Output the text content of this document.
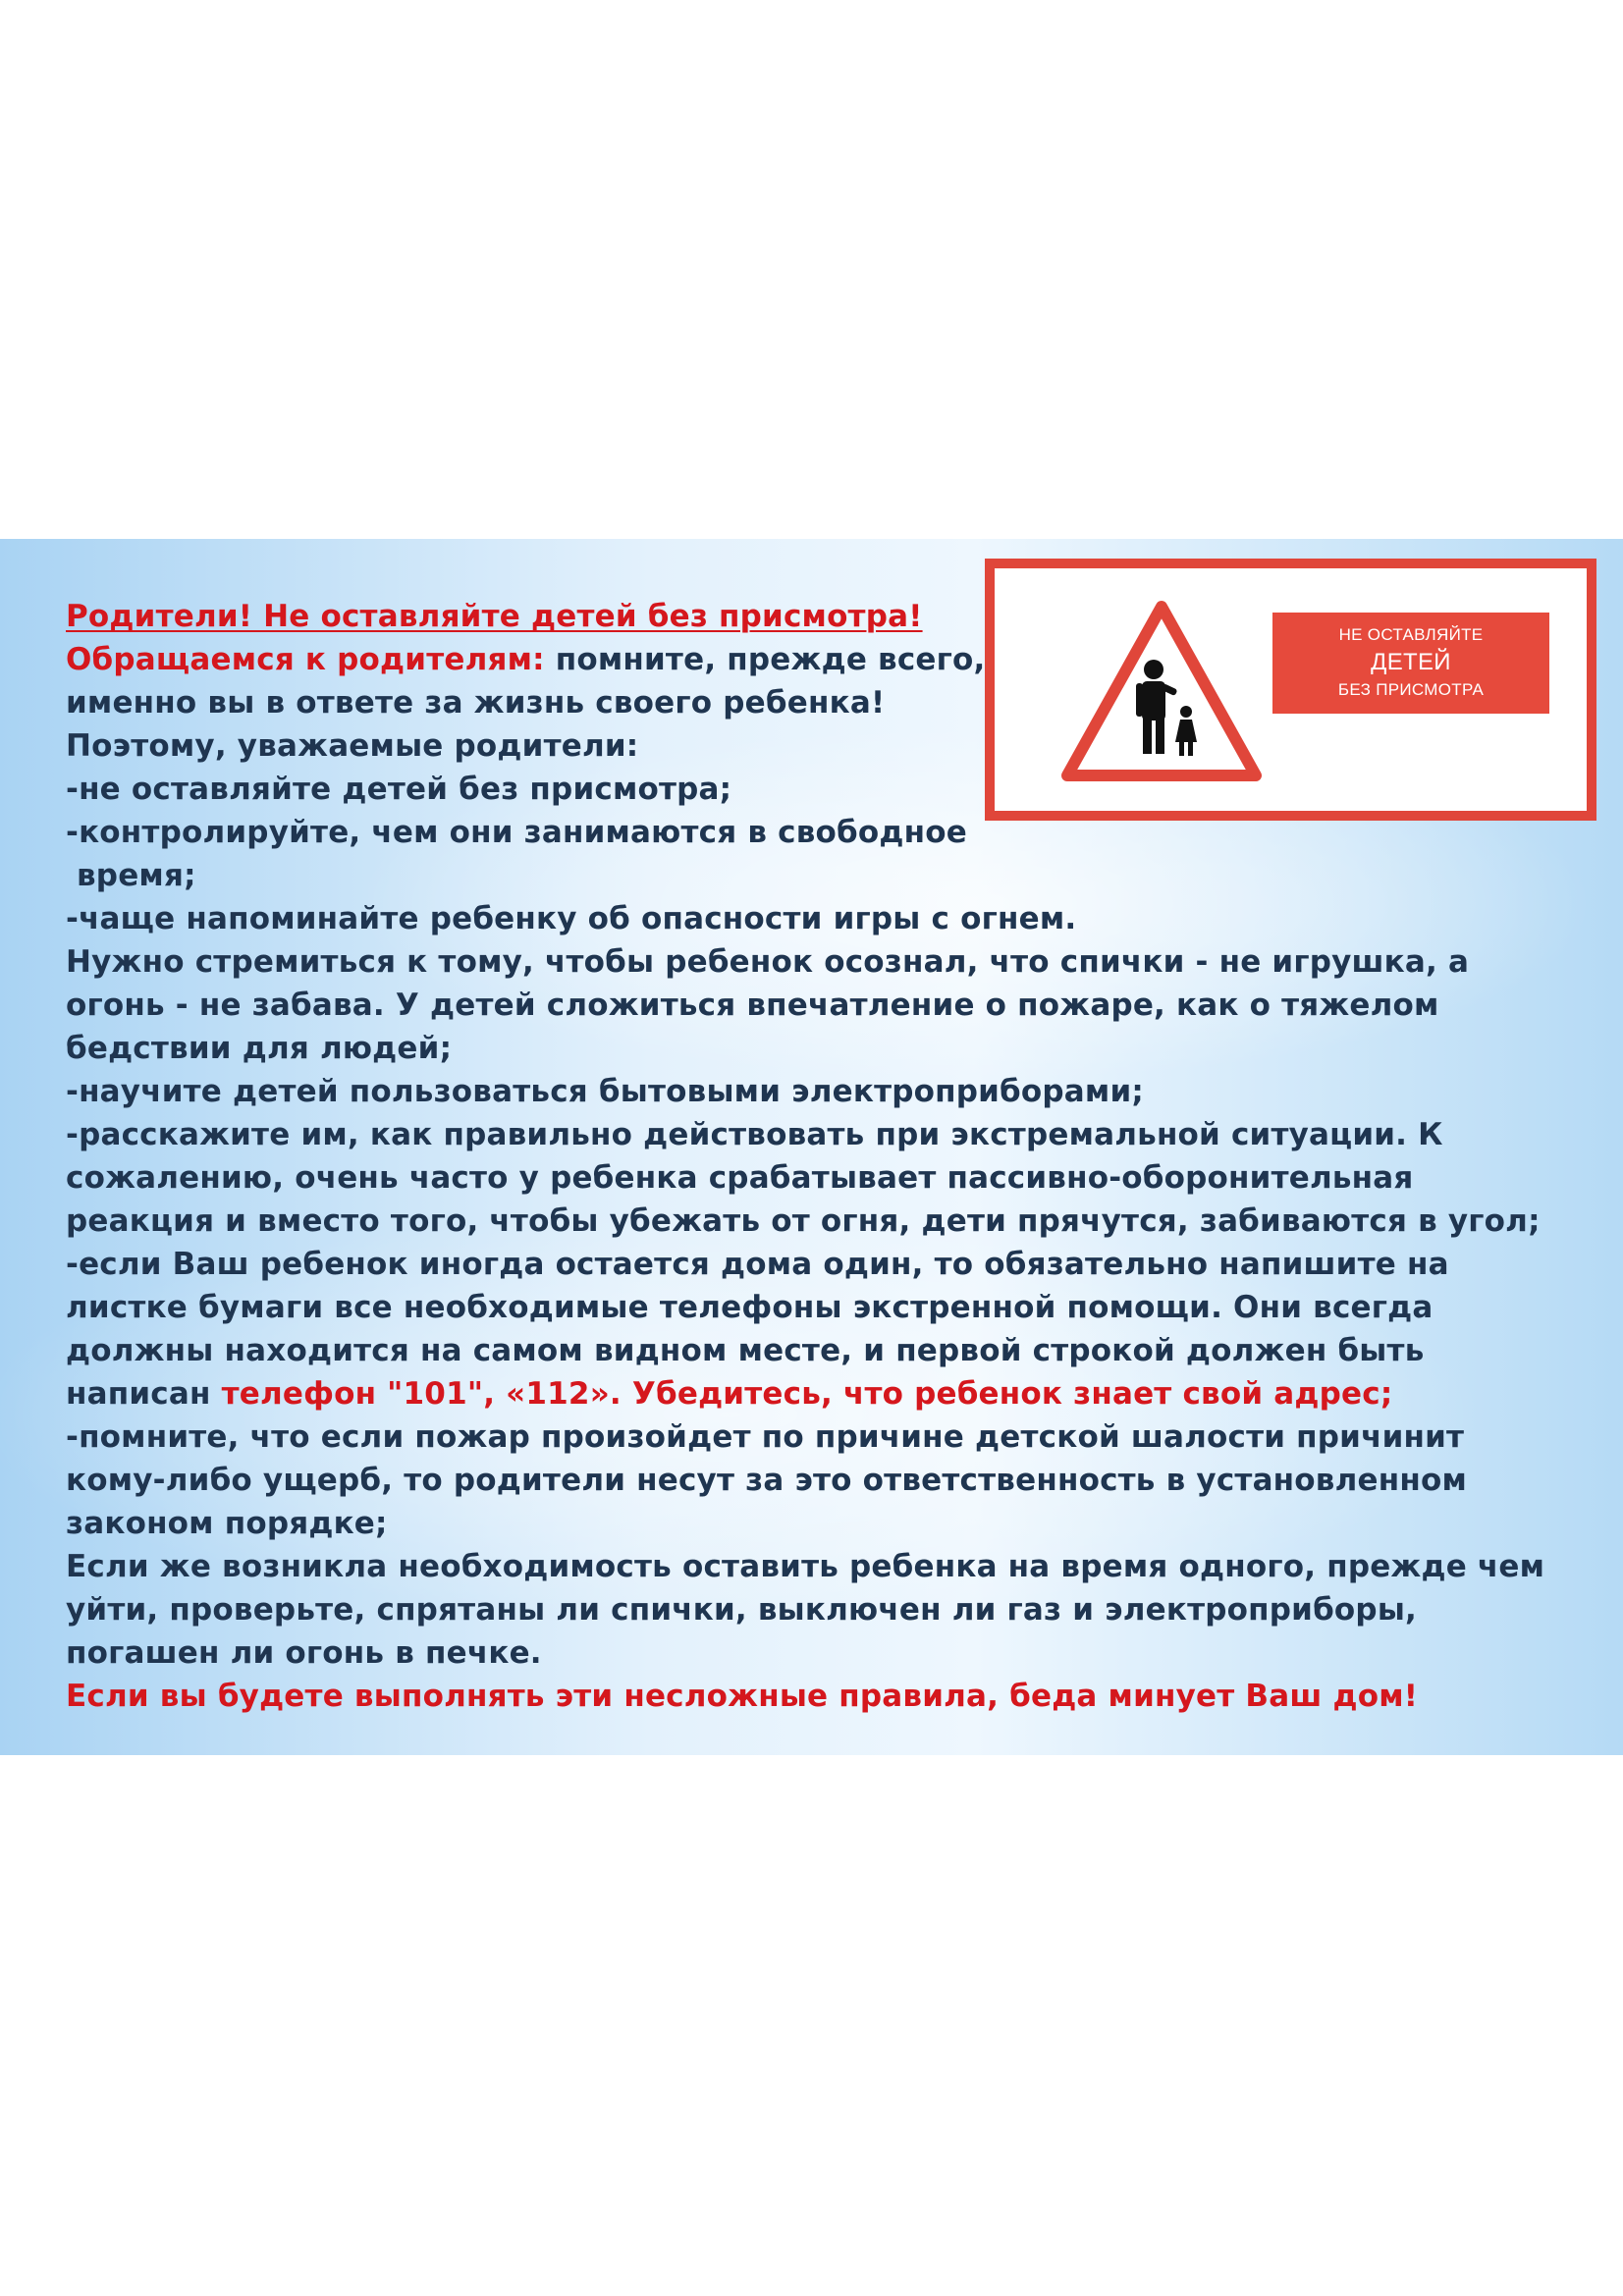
НЕ ОСТАВЛЯЙТЕ
ДЕТЕЙ
БЕЗ ПРИСМОТРА
Родители! Не оставляйте детей без присмотра!
Обращаемся к родителям: помните, прежде всего,
именно вы в ответе за жизнь своего ребенка!
Поэтому, уважаемые родители:
-не оставляйте детей без присмотра;
-контролируйте, чем они занимаются в свободное
время;
-чаще напоминайте ребенку об опасности игры с огнем.
Нужно стремиться к тому, чтобы ребенок осознал, что спички - не игрушка, а
огонь - не забава. У детей сложиться впечатление о пожаре, как о тяжелом
бедствии для людей;
-научите детей пользоваться бытовыми электроприборами;
-расскажите им, как правильно действовать при экстремальной ситуации. К
сожалению, очень часто у ребенка срабатывает пассивно-оборонительная
реакция и вместо того, чтобы убежать от огня, дети прячутся, забиваются в угол;
-если Ваш ребенок иногда остается дома один, то обязательно напишите на
листке бумаги все необходимые телефоны экстренной помощи. Они всегда
должны находится на самом видном месте, и первой строкой должен быть
написан телефон "101", «112». Убедитесь, что ребенок знает свой адрес;
-помните, что если пожар произойдет по причине детской шалости причинит
кому-либо ущерб, то родители несут за это ответственность в установленном
законом порядке;
Если же возникла необходимость оставить ребенка на время одного, прежде чем
уйти, проверьте, спрятаны ли спички, выключен ли газ и электроприборы,
погашен ли огонь в печке.
Если вы будете выполнять эти несложные правила, беда минует Ваш дом!
